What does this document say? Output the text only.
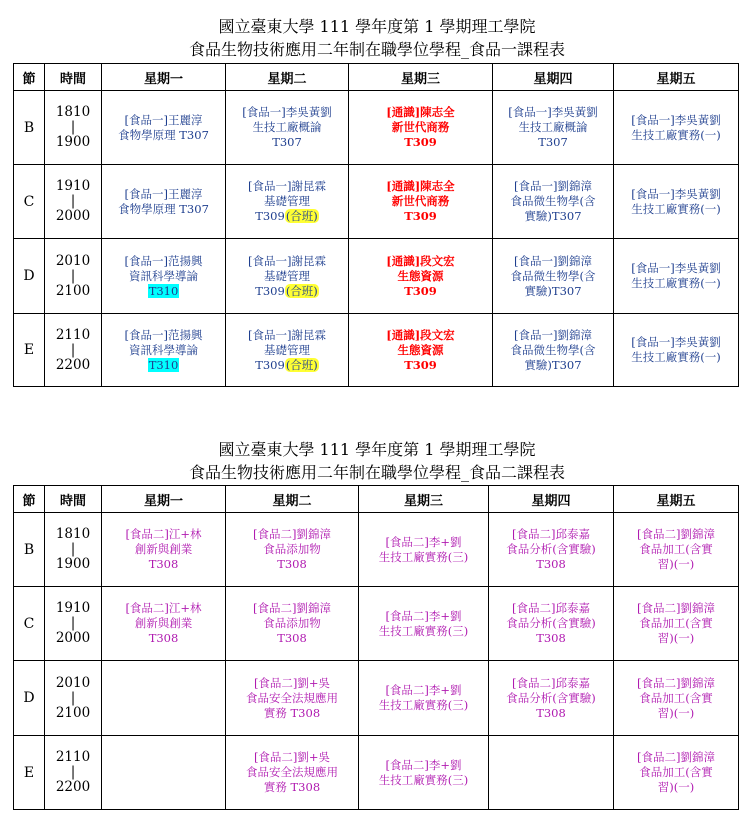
國立臺東大學 111 學年度第 1 學期理工學院
食品生物技術應用二年制在職學位學程_食品一課程表
節	時間	星期一	星期二	星期三	星期四	星期五
B	1810
|
1900	[食品一]王麗淳
食物學原理 T307	[食品一]李吳黃劉
生技工廠概論
T307	[通識]陳志全
新世代商務
T309	[食品一]李吳黃劉
生技工廠概論
T307	[食品一]李吳黃劉
生技工廠實務(一)

C	1910
|
2000	[食品一]王麗淳
食物學原理 T307	[食品一]謝昆霖
基礎管理
T309(合班)	[通識]陳志全
新世代商務
T309	[食品一]劉錦漳
食品微生物學(含
實驗)T307	[食品一]李吳黃劉
生技工廠實務(一)

D	2010
|
2100	[食品一]范揚興
資訊科學導論
T310	[食品一]謝昆霖
基礎管理
T309(合班)	[通識]段文宏
生態資源
T309	[食品一]劉錦漳
食品微生物學(含
實驗)T307	[食品一]李吳黃劉
生技工廠實務(一)

E	2110
|
2200	[食品一]范揚興
資訊科學導論
T310	[食品一]謝昆霖
基礎管理
T309(合班)	[通識]段文宏
生態資源
T309	[食品一]劉錦漳
食品微生物學(含
實驗)T307	[食品一]李吳黃劉
生技工廠實務(一)
國立臺東大學 111 學年度第 1 學期理工學院
食品生物技術應用二年制在職學位學程_食品二課程表
節	時間	星期一	星期二	星期三	星期四	星期五
B	1810
|
1900	[食品二]江+林
創新與創業
T308	[食品二]劉錦漳
食品添加物
T308	[食品二]李+劉
生技工廠實務(三)	[食品二]邱泰嘉
食品分析(含實驗)
T308	[食品二]劉錦漳
食品加工(含實
習)(一)

C	1910
|
2000	[食品二]江+林
創新與創業
T308	[食品二]劉錦漳
食品添加物
T308	[食品二]李+劉
生技工廠實務(三)	[食品二]邱泰嘉
食品分析(含實驗)
T308	[食品二]劉錦漳
食品加工(含實
習)(一)

D	2010
|
2100		[食品二]劉+吳
食品安全法規應用
實務 T308	[食品二]李+劉
生技工廠實務(三)	[食品二]邱泰嘉
食品分析(含實驗)
T308	[食品二]劉錦漳
食品加工(含實
習)(一)

E	2110
|
2200		[食品二]劉+吳
食品安全法規應用
實務 T308	[食品二]李+劉
生技工廠實務(三)		[食品二]劉錦漳
食品加工(含實
習)(一)
